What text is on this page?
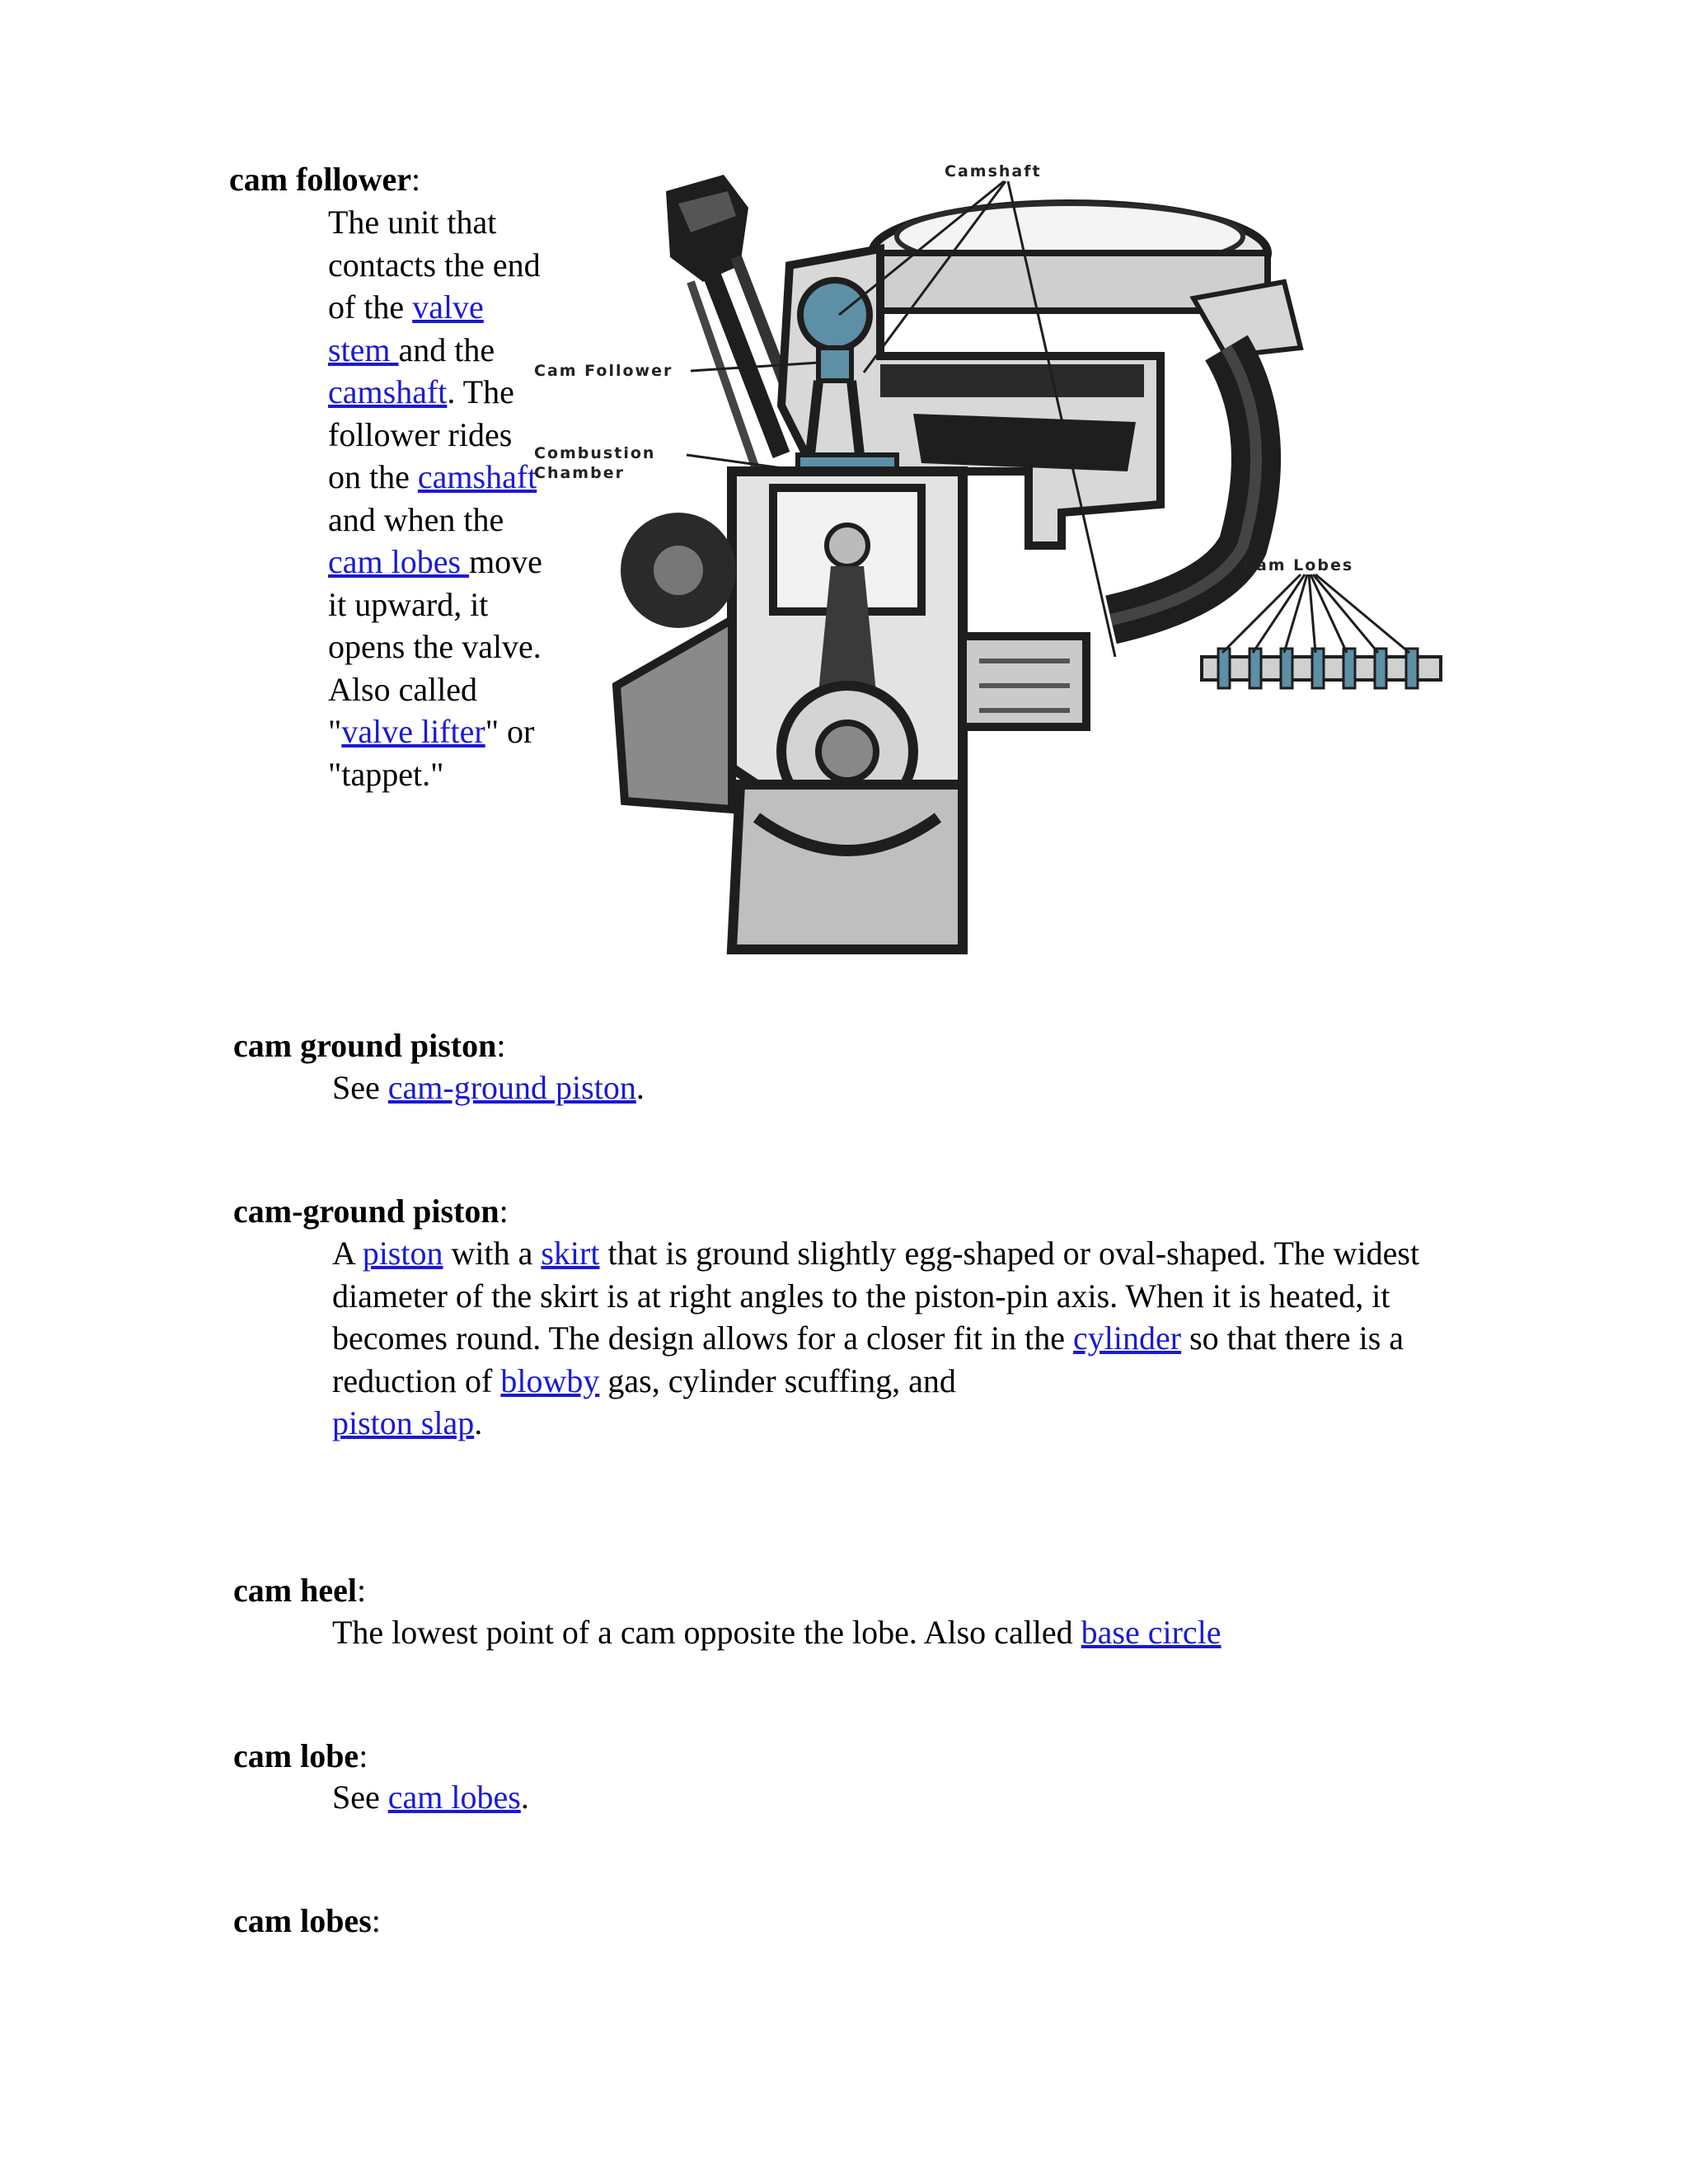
cam follower:
The unit that contacts the end of the valve stem and the camshaft. The follower rides on the camshaft and when the cam lobes move it upward, it opens the valve. Also called "valve lifter" or "tappet."
Camshaft
Cam Follower
Combustion
Chamber
Cam Lobes
cam ground piston:
See cam-ground piston.
cam-ground piston:
A piston with a skirt that is ground slightly egg-shaped or oval-shaped. The widest diameter of the skirt is at right angles to the piston-pin axis. When it is heated, it becomes round. The design allows for a closer fit in the cylinder so that there is a reduction of blowby gas, cylinder scuffing, and
piston slap.
cam heel:
The lowest point of a cam opposite the lobe. Also called base circle
cam lobe:
See cam lobes.
cam lobes:
